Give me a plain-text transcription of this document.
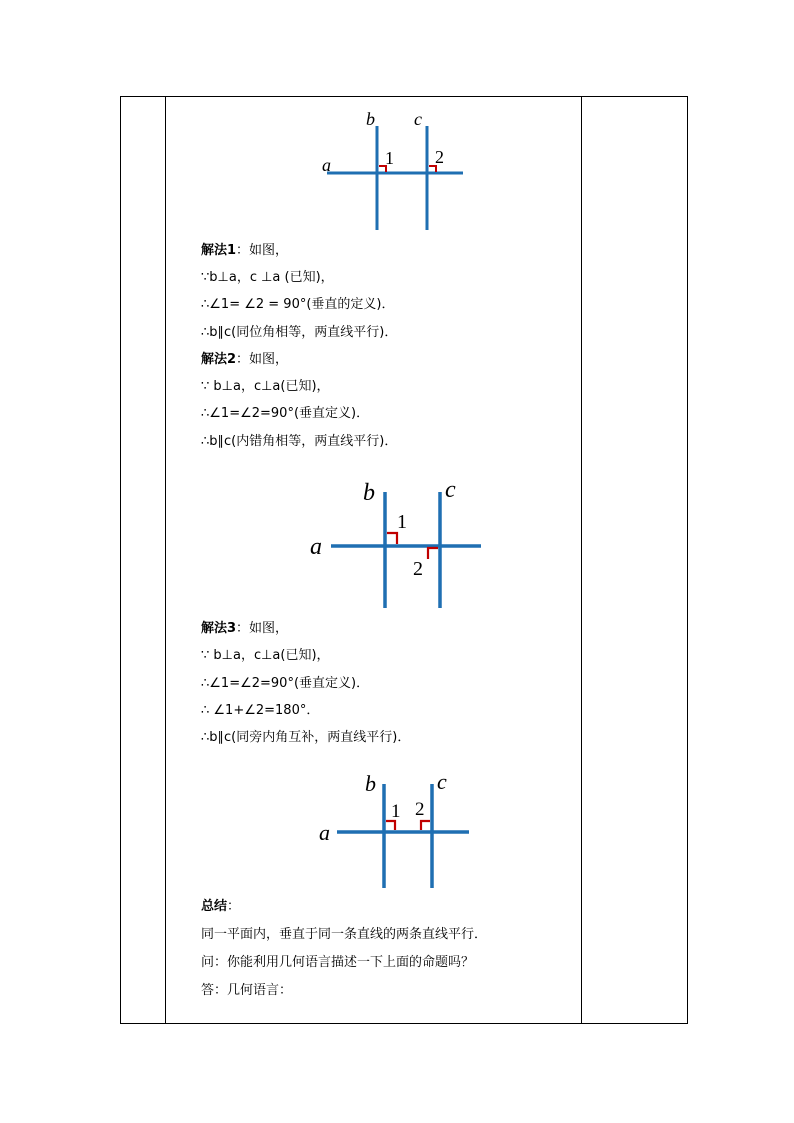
b c
a	1 2
解法1：如图，
∵b⊥a，c ⊥a (已知)，
∴∠1= ∠2 = 90°(垂直的定义)．
∴b∥c(同位角相等，两直线平行)．
解法2：如图，
∵ b⊥a，c⊥a(已知)，
∴∠1=∠2=90°(垂直定义)．
∴b∥c(内错角相等，两直线平行)．
b	c
a
1
2
解法3：如图，
∵ b⊥a，c⊥a(已知)，
∴∠1=∠2=90°(垂直定义)．
∴ ∠1+∠2=180°．
∴b∥c(同旁内角互补，两直线平行)．
b	c
a
1 2
总结：
同一平面内，垂直于同一条直线的两条直线平行．
问：你能利用几何语言描述一下上面的命题吗？
答：几何语言：
